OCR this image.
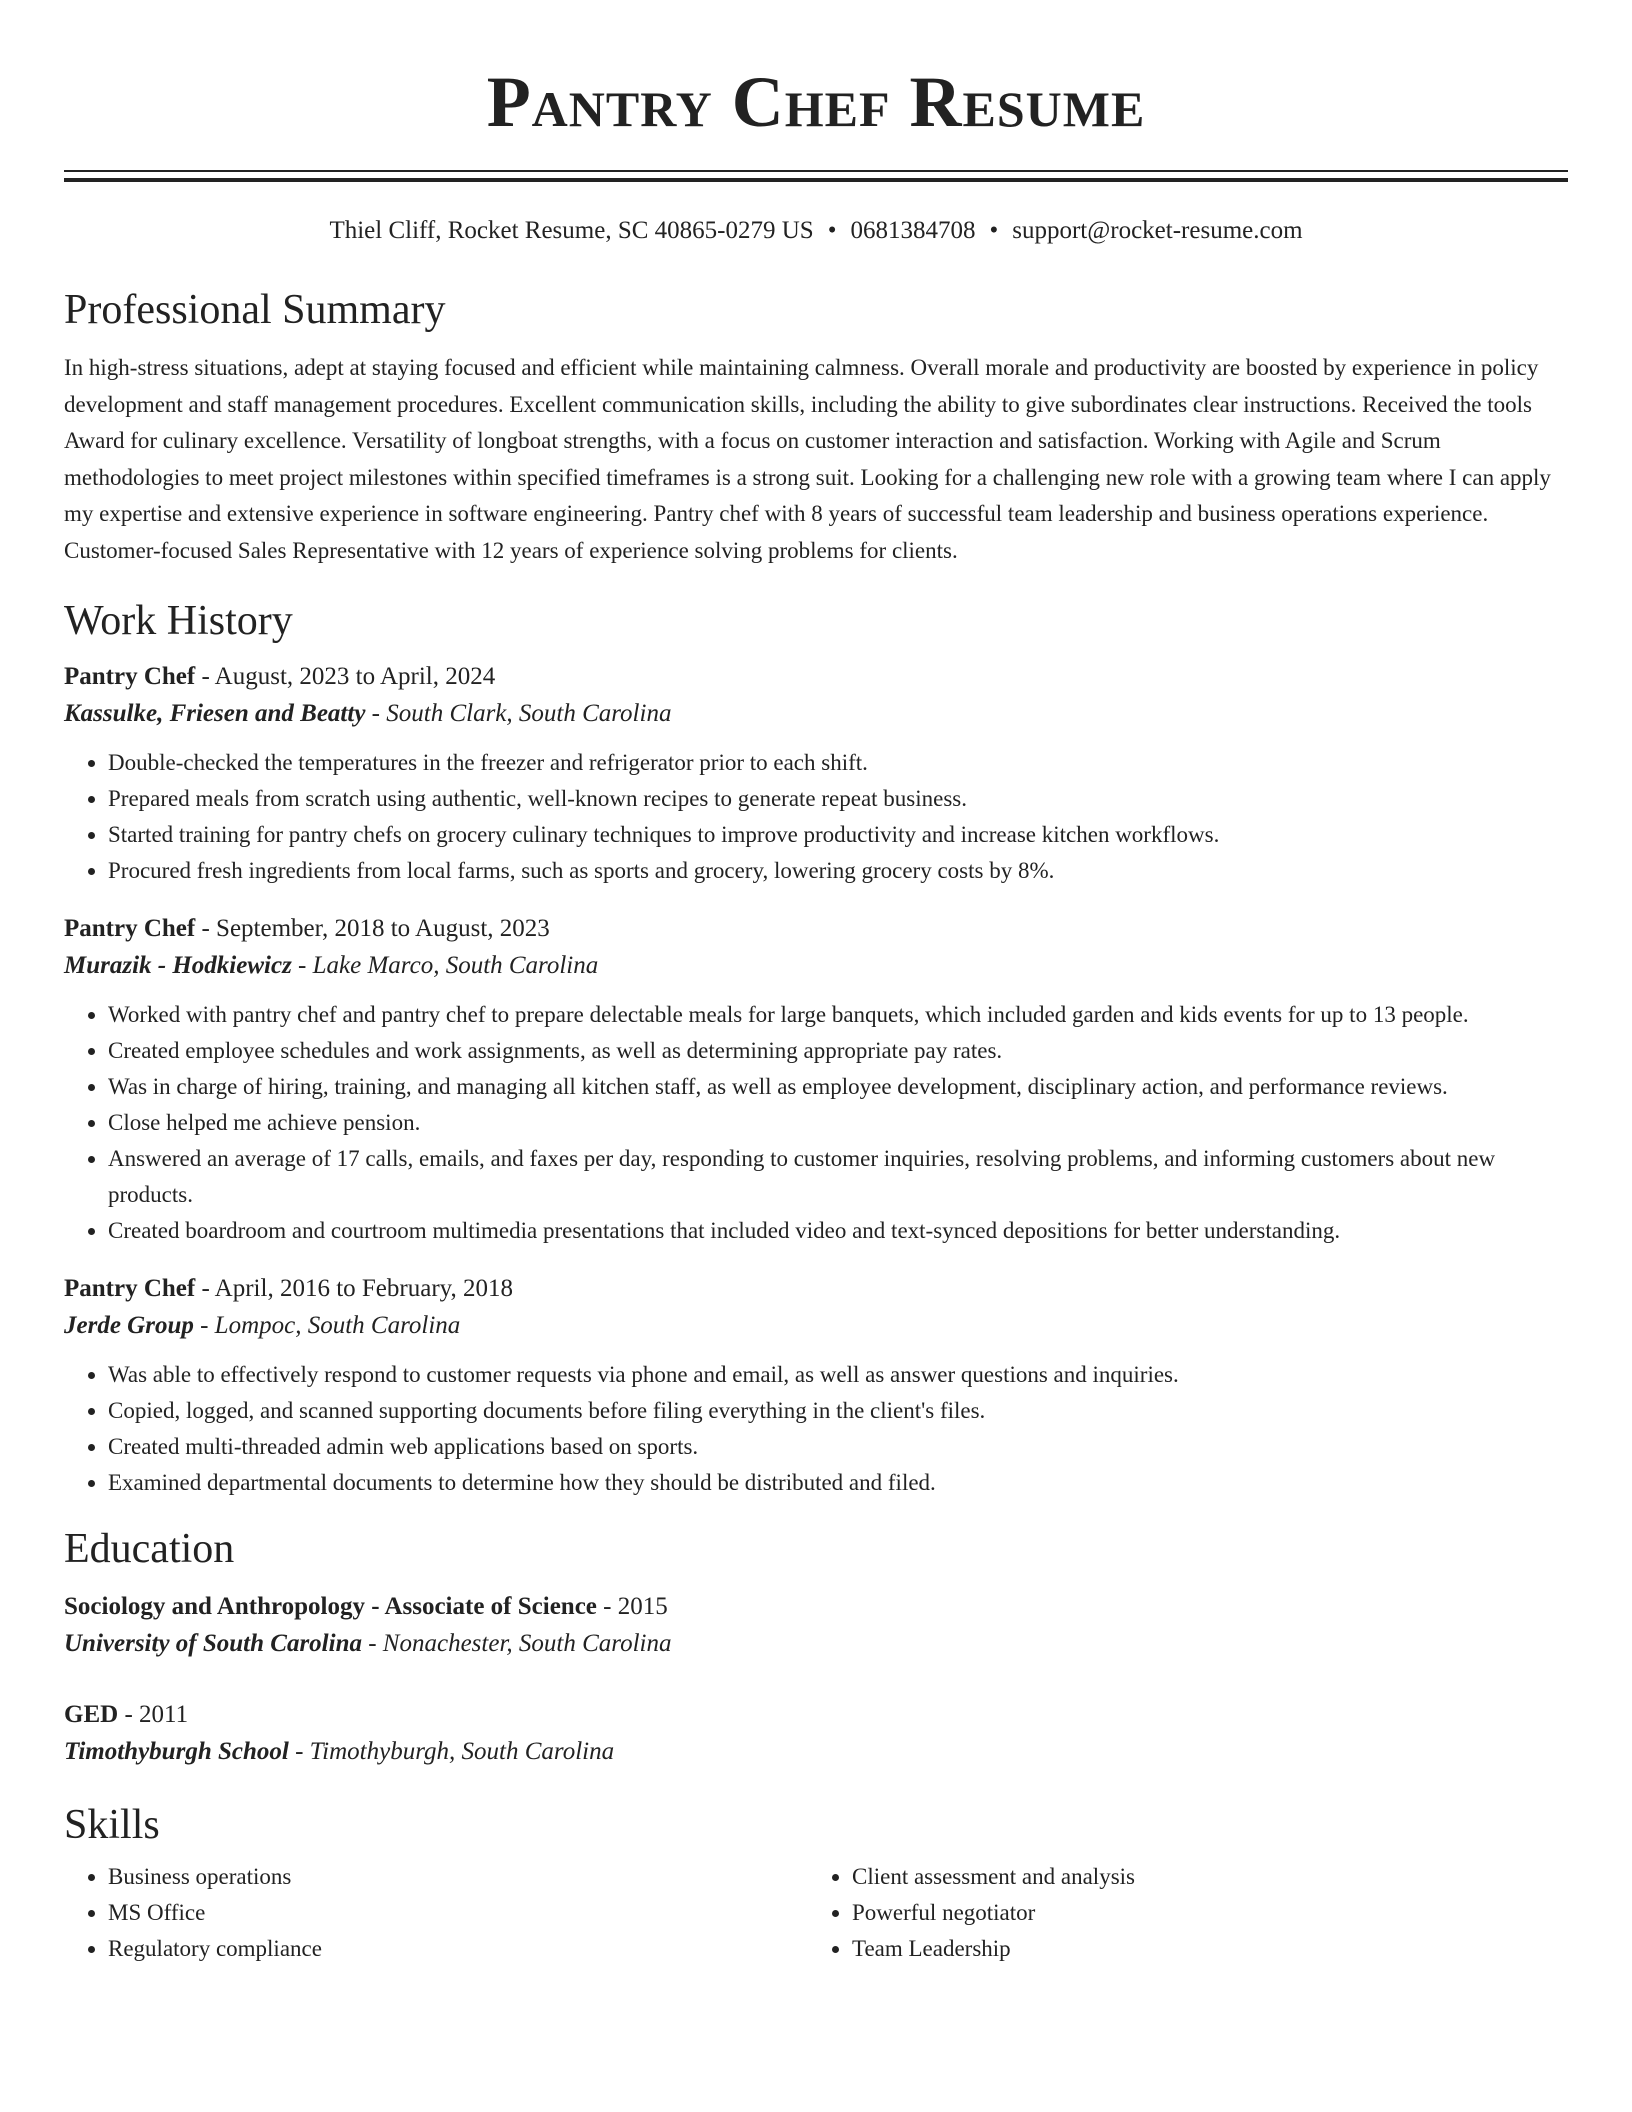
Pantry Chef Resume
Thiel Cliff, Rocket Resume, SC 40865-0279 US • 0681384708 • support@rocket-resume.com
Professional Summary

In high-stress situations, adept at staying focused and efficient while maintaining calmness. Overall morale and productivity are boosted by experience in policy development and staff management procedures. Excellent communication skills, including the ability to give subordinates clear instructions. Received the tools Award for culinary excellence. Versatility of longboat strengths, with a focus on customer interaction and satisfaction. Working with Agile and Scrum methodologies to meet project milestones within specified timeframes is a strong suit. Looking for a challenging new role with a growing team where I can apply my expertise and extensive experience in software engineering. Pantry chef with 8 years of successful team leadership and business operations experience. Customer-focused Sales Representative with 12 years of experience solving problems for clients.

Work History
Pantry Chef - August, 2023 to April, 2024
Kassulke, Friesen and Beatty - South Clark, South Carolina
• Double-checked the temperatures in the freezer and refrigerator prior to each shift.
• Prepared meals from scratch using authentic, well-known recipes to generate repeat business.
• Started training for pantry chefs on grocery culinary techniques to improve productivity and increase kitchen workflows.
• Procured fresh ingredients from local farms, such as sports and grocery, lowering grocery costs by 8%.
Pantry Chef - September, 2018 to August, 2023
Murazik - Hodkiewicz - Lake Marco, South Carolina
• Worked with pantry chef and pantry chef to prepare delectable meals for large banquets, which included garden and kids events for up to 13 people.
• Created employee schedules and work assignments, as well as determining appropriate pay rates.
• Was in charge of hiring, training, and managing all kitchen staff, as well as employee development, disciplinary action, and performance reviews.
• Close helped me achieve pension.
• Answered an average of 17 calls, emails, and faxes per day, responding to customer inquiries, resolving problems, and informing customers about new products.
• Created boardroom and courtroom multimedia presentations that included video and text-synced depositions for better understanding.
Pantry Chef - April, 2016 to February, 2018
Jerde Group - Lompoc, South Carolina
• Was able to effectively respond to customer requests via phone and email, as well as answer questions and inquiries.
• Copied, logged, and scanned supporting documents before filing everything in the client's files.
• Created multi-threaded admin web applications based on sports.
• Examined departmental documents to determine how they should be distributed and filed.
Education
Sociology and Anthropology - Associate of Science - 2015
University of South Carolina - Nonachester, South Carolina
GED - 2011
Timothyburgh School - Timothyburgh, South Carolina
Skills
• Business operations
• MS Office
• Regulatory compliance
• Client assessment and analysis
• Powerful negotiator
• Team Leadership
